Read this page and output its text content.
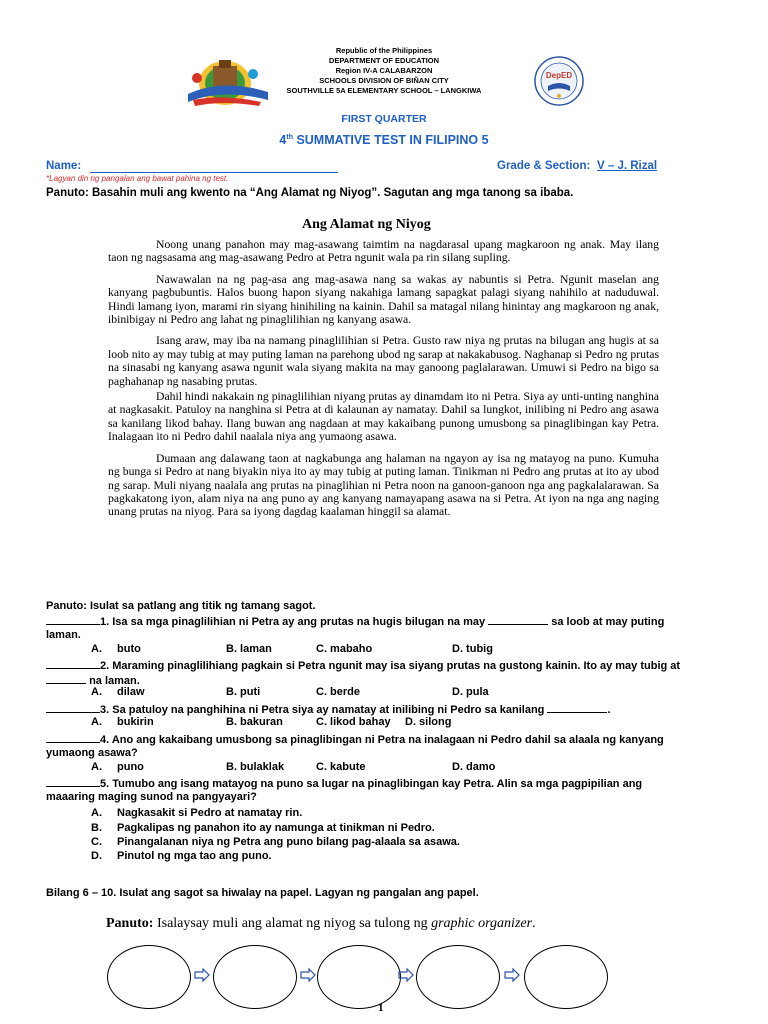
DepED
Republic of the Philippines
DEPARTMENT OF EDUCATION
Region IV-A CALABARZON
SCHOOLS DIVISION OF BIÑAN CITY
SOUTHVILLE 5A ELEMENTARY SCHOOL – LANGKIWA
FIRST QUARTER
4th SUMMATIVE TEST IN FILIPINO 5
Name:
*Lagyan din ng pangalan ang bawat pahina ng test.
Grade & Section: V – J. Rizal
Panuto: Basahin muli ang kwento na “Ang Alamat ng Niyog”. Sagutan ang mga tanong sa ibaba.
Ang Alamat ng Niyog

Noong unang panahon may mag-asawang taimtim na nagdarasal upang magkaroon ng anak. May ilang taon ng nagsasama ang mag-asawang Pedro at Petra ngunit wala pa rin silang supling.

Nawawalan na ng pag-asa ang mag-asawa nang sa wakas ay nabuntis si Petra. Ngunit maselan ang kanyang pagbubuntis. Halos buong hapon siyang nakahiga lamang sapagkat palagi siyang nahihilo at naduduwal. Hindi lamang iyon, marami rin siyang hinihiling na kainin. Dahil sa matagal nilang hinintay ang magkaroon ng anak, ibinibigay ni Pedro ang lahat ng pinaglilihian ng kanyang asawa.

Isang araw, may iba na namang pinaglilihian si Petra. Gusto raw niya ng prutas na bilugan ang hugis at sa loob nito ay may tubig at may puting laman na parehong ubod ng sarap at nakakabusog. Naghanap si Pedro ng prutas na sinasabi ng kanyang asawa ngunit wala siyang makita na may ganoong paglalarawan. Umuwi si Pedro na bigo sa paghahanap ng nasabing prutas.

Dahil hindi nakakain ng pinaglilihian niyang prutas ay dinamdam ito ni Petra. Siya ay unti-unting nanghina at nagkasakit. Patuloy na nanghina si Petra at di kalaunan ay namatay. Dahil sa lungkot, inilibing ni Pedro ang asawa sa kanilang likod bahay. Ilang buwan ang nagdaan at may kakaibang punong umusbong sa pinaglibingan kay Petra. Inalagaan ito ni Pedro dahil naalala niya ang yumaong asawa.

Dumaan ang dalawang taon at nagkabunga ang halaman na ngayon ay isa ng matayog na puno. Kumuha ng bunga si Pedro at nang biyakin niya ito ay may tubig at puting laman. Tinikman ni Pedro ang prutas at ito ay ubod ng sarap. Muli niyang naalala ang prutas na pinaglihian ni Petra noon na ganoon-ganoon nga ang pagkalalarawan. Sa pagkakatong iyon, alam niya na ang puno ay ang kanyang namayapang asawa na si Petra. At iyon na nga ang naging unang prutas na niyog. Para sa iyong dagdag kaalaman hinggil sa alamat.

Panuto: Isulat sa patlang ang titik ng tamang sagot.
1. Isa sa mga pinaglilihian ni Petra ay ang prutas na hugis bilugan na may	sa loob at may puting
laman.
A. buto	B. laman	C. mabaho	D. tubig
2. Maraming pinaglilihiang pagkain si Petra ngunit may isa siyang prutas na gustong kainin. Ito ay may tubig at
na laman.
A. dilaw	B. puti	C. berde	D. pula
3. Sa patuloy na panghihina ni Petra siya ay namatay at inilibing ni Pedro sa kanilang	.
A. bukirin	B. bakuran	C. likod bahay D. silong
4. Ano ang kakaibang umusbong sa pinaglibingan ni Petra na inalagaan ni Pedro dahil sa alaala ng kanyang
yumaong asawa?
A. puno	B. bulaklak	C. kabute	D. damo
5. Tumubo ang isang matayog na puno sa lugar na pinaglibingan kay Petra. Alin sa mga pagpipilian ang
maaaring maging sunod na pangyayari?
A. Nagkasakit si Pedro at namatay rin.
B. Pagkalipas ng panahon ito ay namunga at tinikman ni Pedro.
C. Pinangalanan niya ng Petra ang puno bilang pag-alaala sa asawa.
D. Pinutol ng mga tao ang puno.
Bilang 6 – 10. Isulat ang sagot sa hiwalay na papel. Lagyan ng pangalan ang papel.
Panuto: Isalaysay muli ang alamat ng niyog sa tulong ng graphic organizer.
1
